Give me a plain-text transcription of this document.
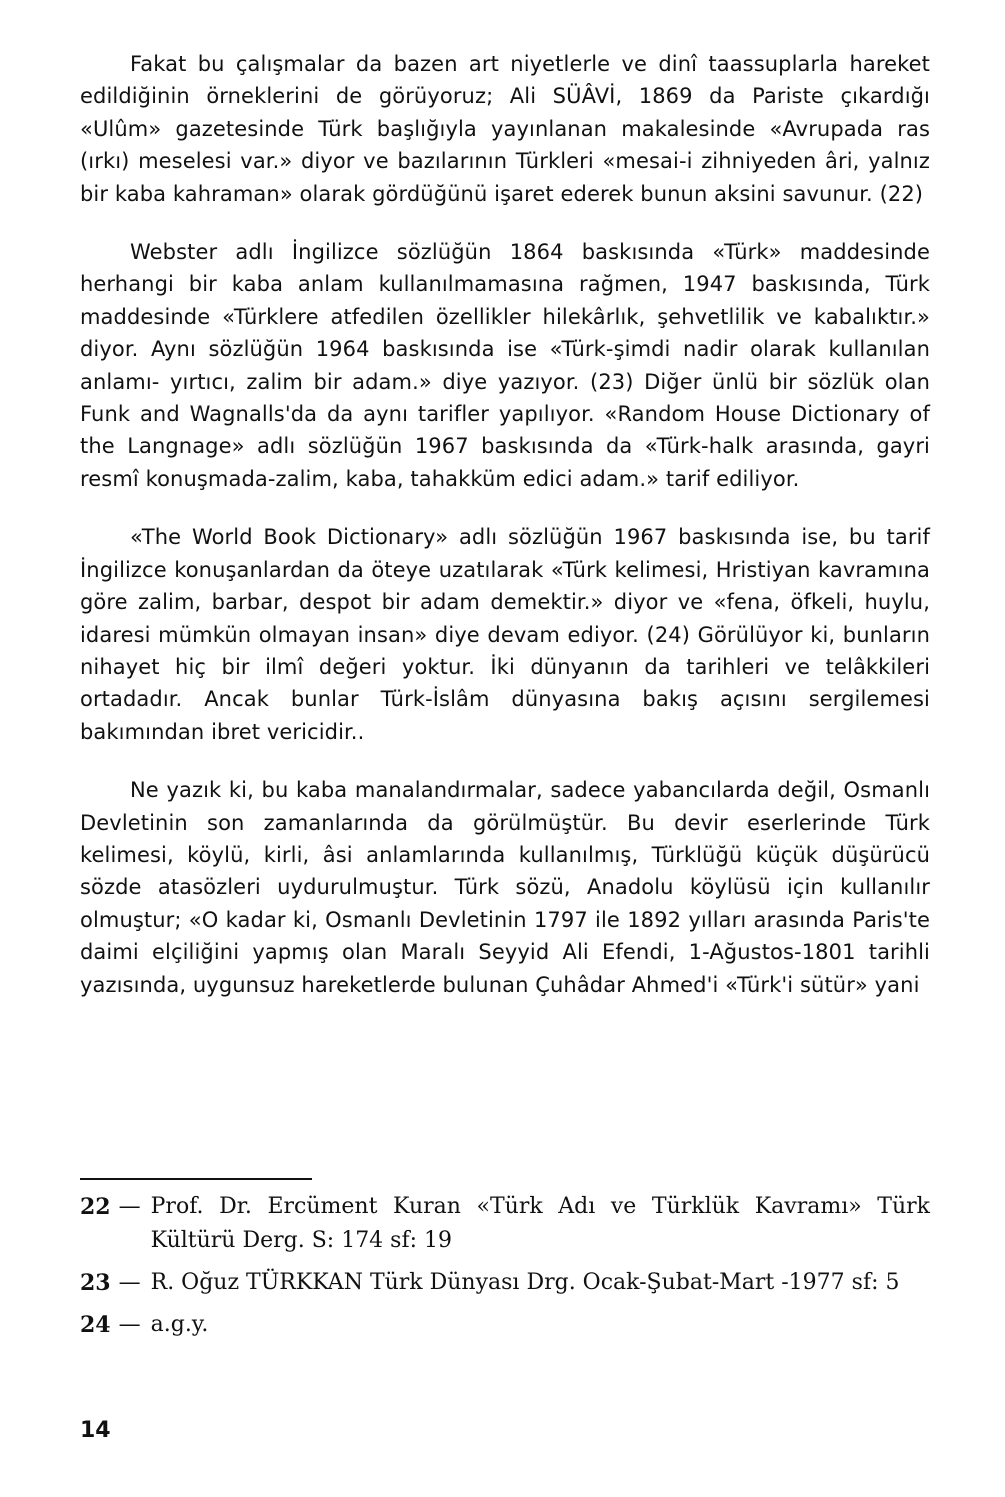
Fakat bu çalışmalar da bazen art niyetlerle ve dinî taassuplarla hareket edildiğinin örneklerini de görüyoruz; Ali SÜÂVİ, 1869 da Pariste çıkardığı «Ulûm» gazetesinde Türk başlığıyla yayınlanan makalesinde «Avrupada ras (ırkı) meselesi var.» diyor ve bazılarının Türkleri «mesai-i zihniyeden âri, yalnız bir kaba kahraman» olarak gördüğünü işaret ederek bunun aksini savunur. (22)

Webster adlı İngilizce sözlüğün 1864 baskısında «Türk» maddesinde herhangi bir kaba anlam kullanılmamasına rağmen, 1947 baskısında, Türk maddesinde «Türklere atfedilen özellikler hilekârlık, şehvetlilik ve kabalıktır.» diyor. Aynı sözlüğün 1964 baskısında ise «Türk-şimdi nadir olarak kullanılan anlamı- yırtıcı, zalim bir adam.» diye yazıyor. (23) Diğer ünlü bir sözlük olan Funk and Wagnalls'da da aynı tarifler yapılıyor. «Random House Dictionary of the Langnage» adlı sözlüğün 1967 baskısında da «Türk-halk arasında, gayri resmî konuşmada-zalim, kaba, tahakküm edici adam.» tarif ediliyor.

«The World Book Dictionary» adlı sözlüğün 1967 baskısında ise, bu tarif İngilizce konuşanlardan da öteye uzatılarak «Türk kelimesi, Hristiyan kavramına göre zalim, barbar, despot bir adam demektir.» diyor ve «fena, öfkeli, huylu, idaresi mümkün olmayan insan» diye devam ediyor. (24) Görülüyor ki, bunların nihayet hiç bir ilmî değeri yoktur. İki dünyanın da tarihleri ve telâkkileri ortadadır. Ancak bunlar Türk-İslâm dünyasına bakış açısını sergilemesi bakımından ibret vericidir..

Ne yazık ki, bu kaba manalandırmalar, sadece yabancılarda değil, Osmanlı Devletinin son zamanlarında da görülmüştür. Bu devir eserlerinde Türk kelimesi, köylü, kirli, âsi anlamlarında kullanılmış, Türklüğü küçük düşürücü sözde atasözleri uydurulmuştur. Türk sözü, Anadolu köylüsü için kullanılır olmuştur; «O kadar ki, Osmanlı Devletinin 1797 ile 1892 yılları arasında Paris'te daimi elçiliğini yapmış olan Maralı Seyyid Ali Efendi, 1-Ağustos-1801 tarihli yazısında, uygunsuz hareketlerde bulunan Çuhâdar Ahmed'i «Türk'i sütür» yani

22 — Prof. Dr. Ercüment Kuran «Türk Adı ve Türklük Kavramı» Türk Kültürü Derg. S: 174 sf: 19
23 — R. Oğuz TÜRKKAN Türk Dünyası Drg. Ocak-Şubat-Mart -1977 sf: 5
24 — a.g.y.
14
